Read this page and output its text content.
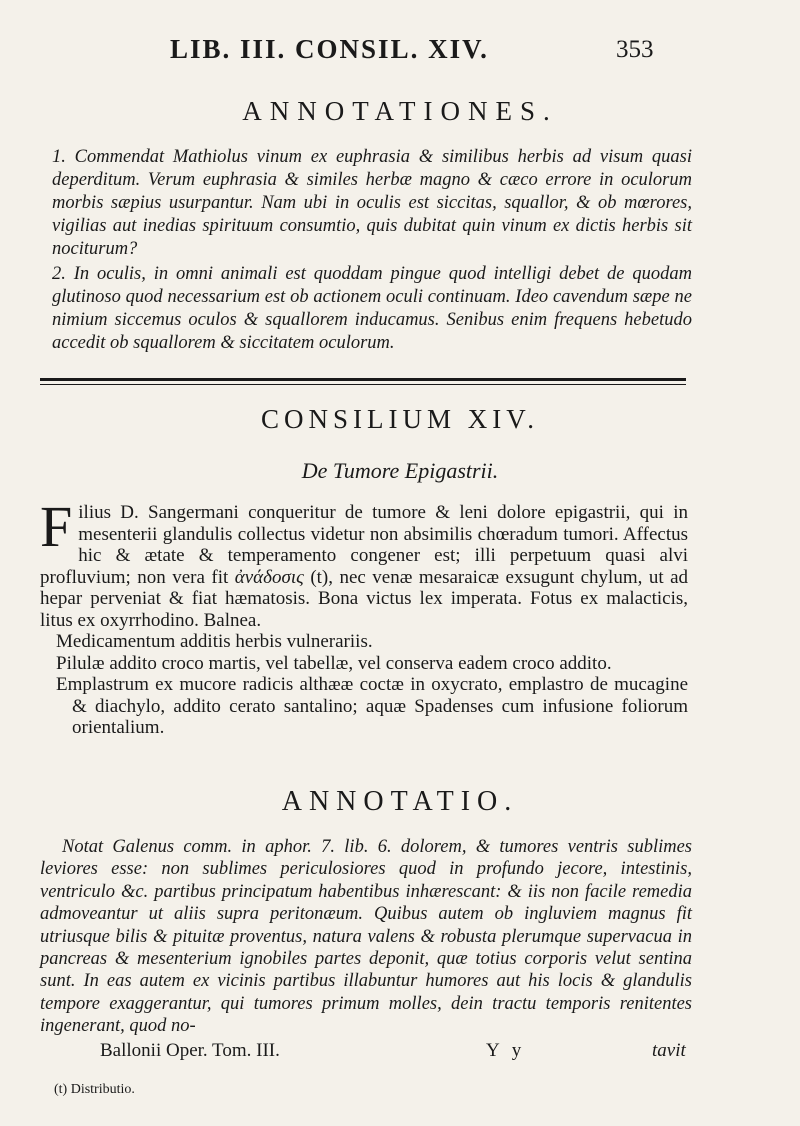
LIB. III. CONSIL. XIV.	353
ANNOTATIONES.

1. Commendat Mathiolus vinum ex euphrasia & similibus herbis ad visum quasi deperditum. Verum euphrasia & similes herbæ magno & cæco errore in oculorum morbis sæpius usurpantur. Nam ubi in oculis est siccitas, squallor, & ob mœrores, vigilias aut inedias spirituum consumtio, quis dubitat quin vinum ex dictis herbis sit nociturum?

2. In oculis, in omni animali est quoddam pingue quod intelligi debet de quodam glutinoso quod necessarium est ob actionem oculi continuam. Ideo cavendum sæpe ne nimium siccemus oculos & squallorem inducamus. Senibus enim frequens hebetudo accedit ob squallorem & siccitatem oculorum.

CONSILIUM XIV.
De Tumore Epigastrii.

Filius D. Sangermani conqueritur de tumore & leni dolore epigastrii, qui in mesenterii glandulis collectus videtur non absimilis chœradum tumori. Affectus hic & ætate & temperamento congener est; illi perpetuum quasi alvi profluvium; non vera fit ἀνάδοσις (t), nec venæ mesaraicæ exsugunt chylum, ut ad hepar perveniat & fiat hæmatosis. Bona victus lex imperata. Fotus ex malacticis, litus ex oxyrrhodino. Balnea.

Medicamentum additis herbis vulnerariis.

Pilulæ addito croco martis, vel tabellæ, vel conserva eadem croco addito.

Emplastrum ex mucore radicis althææ coctæ in oxycrato, emplastro de mucagine & diachylo, addito cerato santalino; aquæ Spadenses cum infusione foliorum orientalium.

ANNOTATIO.

Notat Galenus comm. in aphor. 7. lib. 6. dolorem, & tumores ventris sublimes leviores esse: non sublimes periculosiores quod in profundo jecore, intestinis, ventriculo &c. partibus principatum habentibus inhærescant: & iis non facile remedia admoveantur ut aliis supra peritonæum. Quibus autem ob ingluviem magnus fit utriusque bilis & pituitæ proventus, natura valens & robusta plerumque supervacua in pancreas & mesenterium ignobiles partes deponit, quæ totius corporis velut sentina sunt. In eas autem ex vicinis partibus illabuntur humores aut his locis & glandulis tempore exaggerantur, qui tumores primum molles, dein tractu temporis renitentes ingenerant, quod no-

Ballonii Oper. Tom. III.	Y y	tavit
(t) Distributio.
